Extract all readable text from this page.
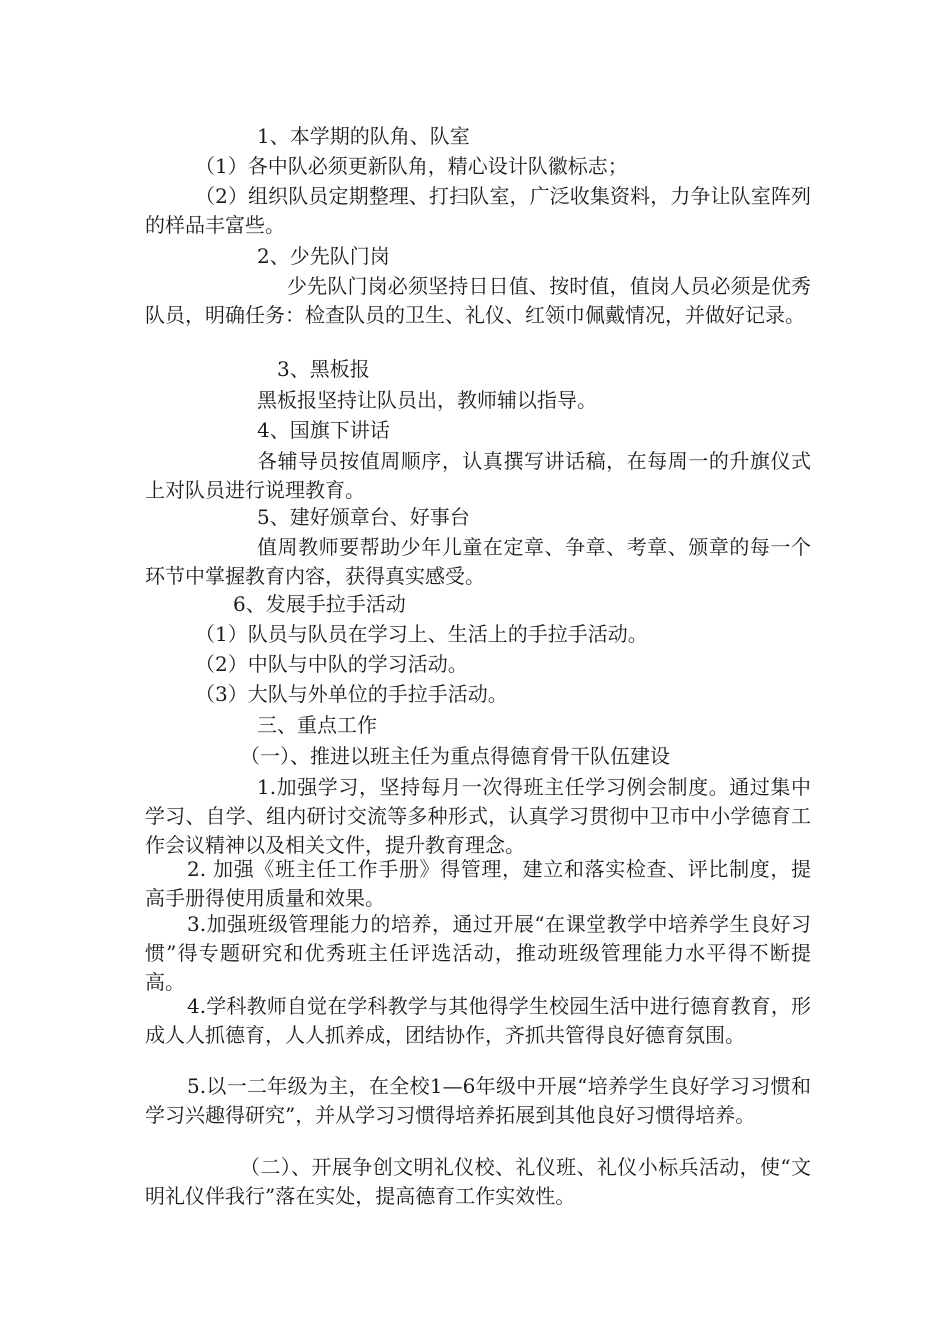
1、本学期的队角、队室

（1）各中队必须更新队角，精心设计队徽标志；

（2）组织队员定期整理、打扫队室，广泛收集资料，力争让队室阵列的样品丰富些。

2、少先队门岗

少先队门岗必须坚持日日值、按时值，值岗人员必须是优秀队员，明确任务：检查队员的卫生、礼仪、红领巾佩戴情况，并做好记录。

3、黑板报

黑板报坚持让队员出，教师辅以指导。

4、国旗下讲话

各辅导员按值周顺序，认真撰写讲话稿，在每周一的升旗仪式上对队员进行说理教育。

5、建好颁章台、好事台

值周教师要帮助少年儿童在定章、争章、考章、颁章的每一个环节中掌握教育内容，获得真实感受。

6、发展手拉手活动

（1）队员与队员在学习上、生活上的手拉手活动。

（2）中队与中队的学习活动。

（3）大队与外单位的手拉手活动。

三、重点工作

（一）、推进以班主任为重点得德育骨干队伍建设

1.加强学习，坚持每月一次得班主任学习例会制度。通过集中学习、自学、组内研讨交流等多种形式，认真学习贯彻中卫市中小学德育工作会议精神以及相关文件，提升教育理念。

2. 加强《班主任工作手册》得管理，建立和落实检查、评比制度，提高手册得使用质量和效果。

3.加强班级管理能力的培养，通过开展“在课堂教学中培养学生良好习惯”得专题研究和优秀班主任评选活动，推动班级管理能力水平得不断提高。

4.学科教师自觉在学科教学与其他得学生校园生活中进行德育教育，形成人人抓德育，人人抓养成，团结协作，齐抓共管得良好德育氛围。

5.以一二年级为主，在全校1—6年级中开展“培养学生良好学习习惯和学习兴趣得研究”，并从学习习惯得培养拓展到其他良好习惯得培养。

（二）、开展争创文明礼仪校、礼仪班、礼仪小标兵活动，使“文明礼仪伴我行”落在实处，提高德育工作实效性。
